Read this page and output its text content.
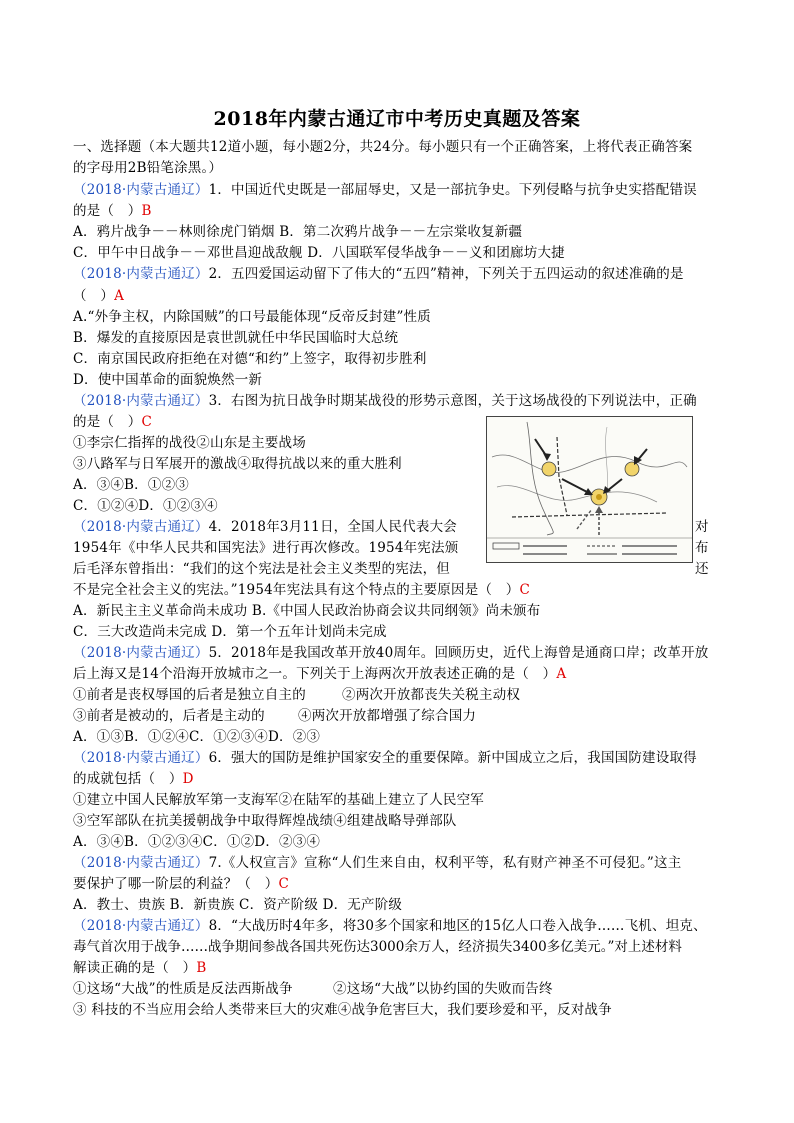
2018年内蒙古通辽市中考历史真题及答案
一、选择题（本大题共12道小题，每小题2分，共24分。每小题只有一个正确答案，上将代表正确答案
的字母用2B铅笔涂黑。）
（2018·内蒙古通辽）1．中国近代史既是一部屈辱史，又是一部抗争史。下列侵略与抗争史实搭配错误
的是（　）B
A．鸦片战争－－林则徐虎门销烟 B．第二次鸦片战争－－左宗棠收复新疆
C．甲午中日战争－－邓世昌迎战敌舰 D．八国联军侵华战争－－义和团廊坊大捷
（2018·内蒙古通辽）2．五四爱国运动留下了伟大的“五四”精神，下列关于五四运动的叙述准确的是
（　）A
A.“外争主权，内除国贼”的口号最能体现“反帝反封建”性质
B．爆发的直接原因是袁世凯就任中华民国临时大总统
C．南京国民政府拒绝在对德“和约”上签字，取得初步胜利
D．使中国革命的面貌焕然一新
（2018·内蒙古通辽）3．右图为抗日战争时期某战役的形势示意图，关于这场战役的下列说法中，正确
的是（　）C
①李宗仁指挥的战役②山东是主要战场
③八路军与日军展开的激战④取得抗战以来的重大胜利
A．③④B．①②③
C．①②④D．①②③④
（2018·内蒙古通辽）4．2018年3月11日，全国人民代表大会	对
1954年《中华人民共和国宪法》进行再次修改。1954年宪法颁	布
后毛泽东曾指出：“我们的这个宪法是社会主义类型的宪法，但	还
不是完全社会主义的宪法。”1954年宪法具有这个特点的主要原因是（　）C
A．新民主主义革命尚未成功 B.《中国人民政治协商会议共同纲领》尚未颁布
C．三大改造尚未完成 D．第一个五年计划尚未完成
（2018·内蒙古通辽）5．2018年是我国改革开放40周年。回顾历史，近代上海曾是通商口岸；改革开放
后上海又是14个沿海开放城市之一。下列关于上海两次开放表述正确的是（　）A
①前者是丧权辱国的后者是独立自主的	②两次开放都丧失关税主动权
③前者是被动的，后者是主动的 ④两次开放都增强了综合国力
A．①③B．①②④C．①②③④D．②③
（2018·内蒙古通辽）6．强大的国防是维护国家安全的重要保障。新中国成立之后，我国国防建设取得
的成就包括（　）D
①建立中国人民解放军第一支海军②在陆军的基础上建立了人民空军
③空军部队在抗美援朝战争中取得辉煌战绩④组建战略导弹部队
A．③④B．①②③④C．①②D．②③④
（2018·内蒙古通辽）7.《人权宣言》宣称“人们生来自由，权利平等，私有财产神圣不可侵犯。”这主
要保护了哪一阶层的利益？（　）C
A．教士、贵族 B．新贵族 C．资产阶级 D．无产阶级
（2018·内蒙古通辽）8．“大战历时4年多，将30多个国家和地区的15亿人口卷入战争……飞机、坦克、
毒气首次用于战争……战争期间参战各国共死伤达3000余万人，经济损失3400多亿美元。”对上述材料
解读正确的是（　）B
①这场“大战”的性质是反法西斯战争	②这场“大战”以协约国的失败而告终
③ 科技的不当应用会给人类带来巨大的灾难④战争危害巨大，我们要珍爱和平，反对战争
